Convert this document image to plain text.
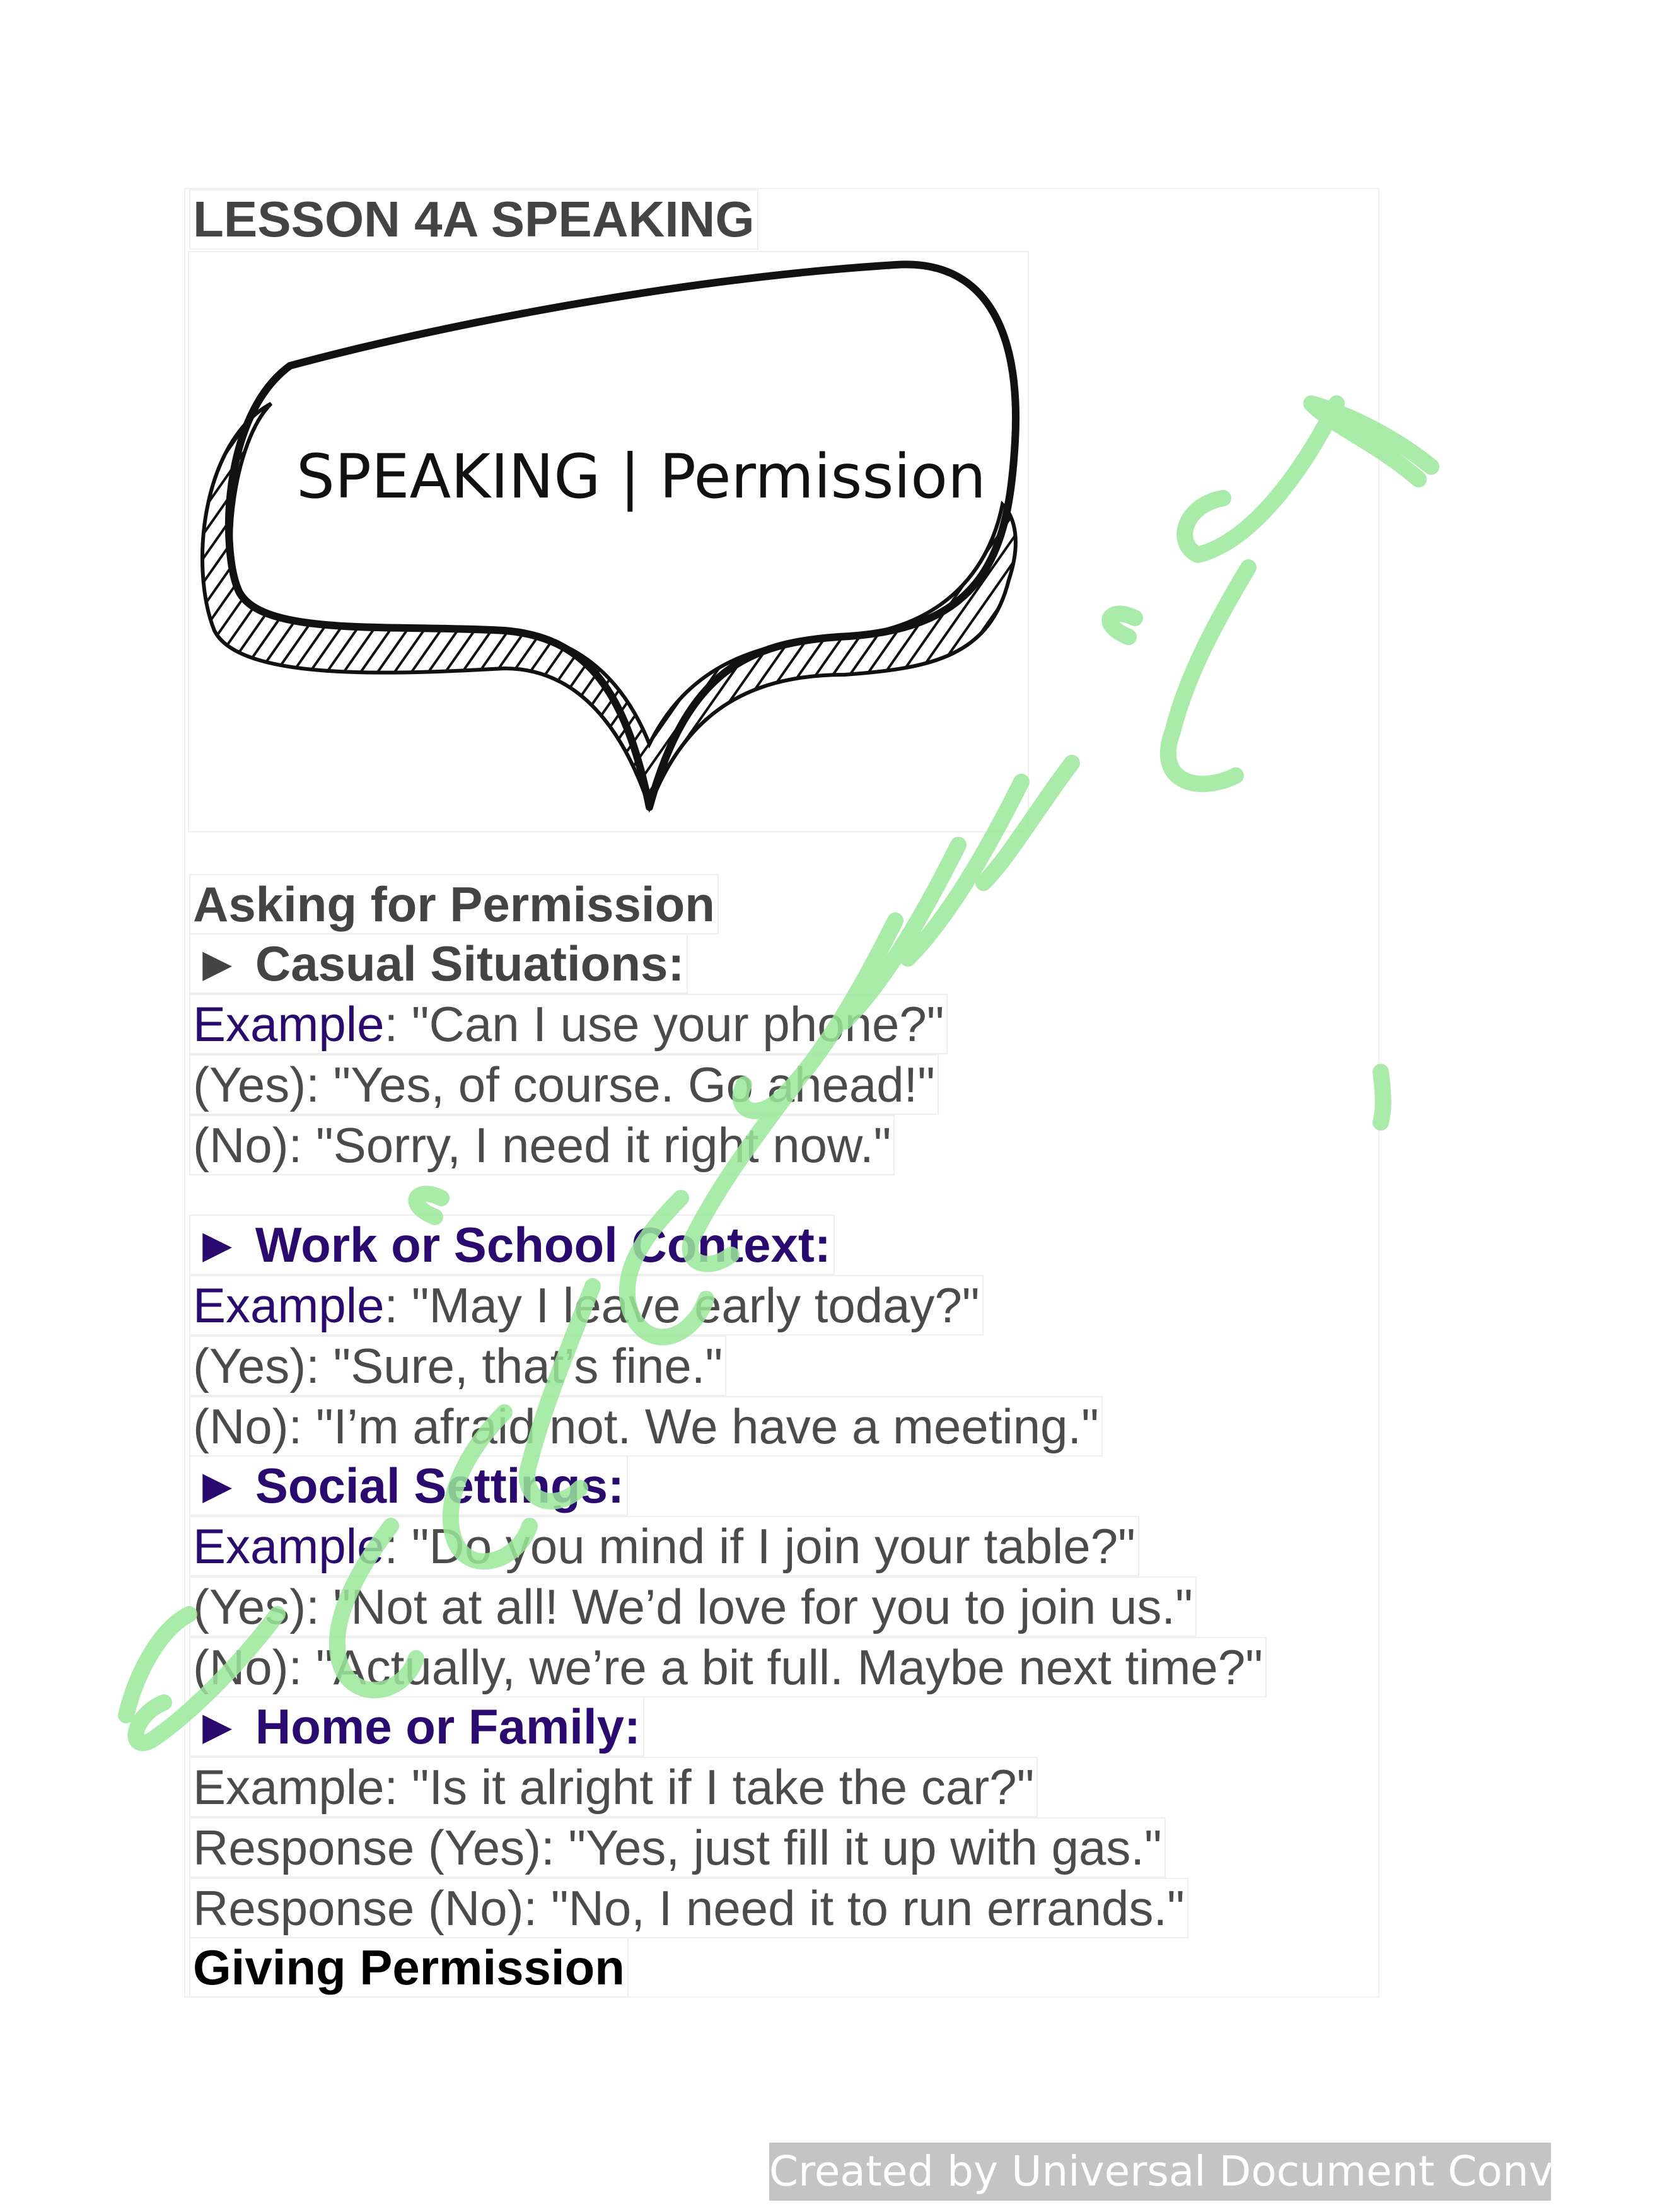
LESSON 4A SPEAKING
SPEAKING | Permission
Asking for Permission
► Casual Situations:
Example: "Can I use your phone?"
(Yes): "Yes, of course. Go ahead!"
(No): "Sorry, I need it right now."
► Work or School Context:
Example: "May I leave early today?"
(Yes): "Sure, that’s fine."
(No): "I’m afraid not. We have a meeting."
► Social Settings:
Example: "Do you mind if I join your table?"
(Yes): "Not at all! We’d love for you to join us."
(No): "Actually, we’re a bit full. Maybe next time?"
► Home or Family:
Example: "Is it alright if I take the car?"
Response (Yes): "Yes, just fill it up with gas."
Response (No): "No, I need it to run errands."
Giving Permission
Created by Universal Document Converter
